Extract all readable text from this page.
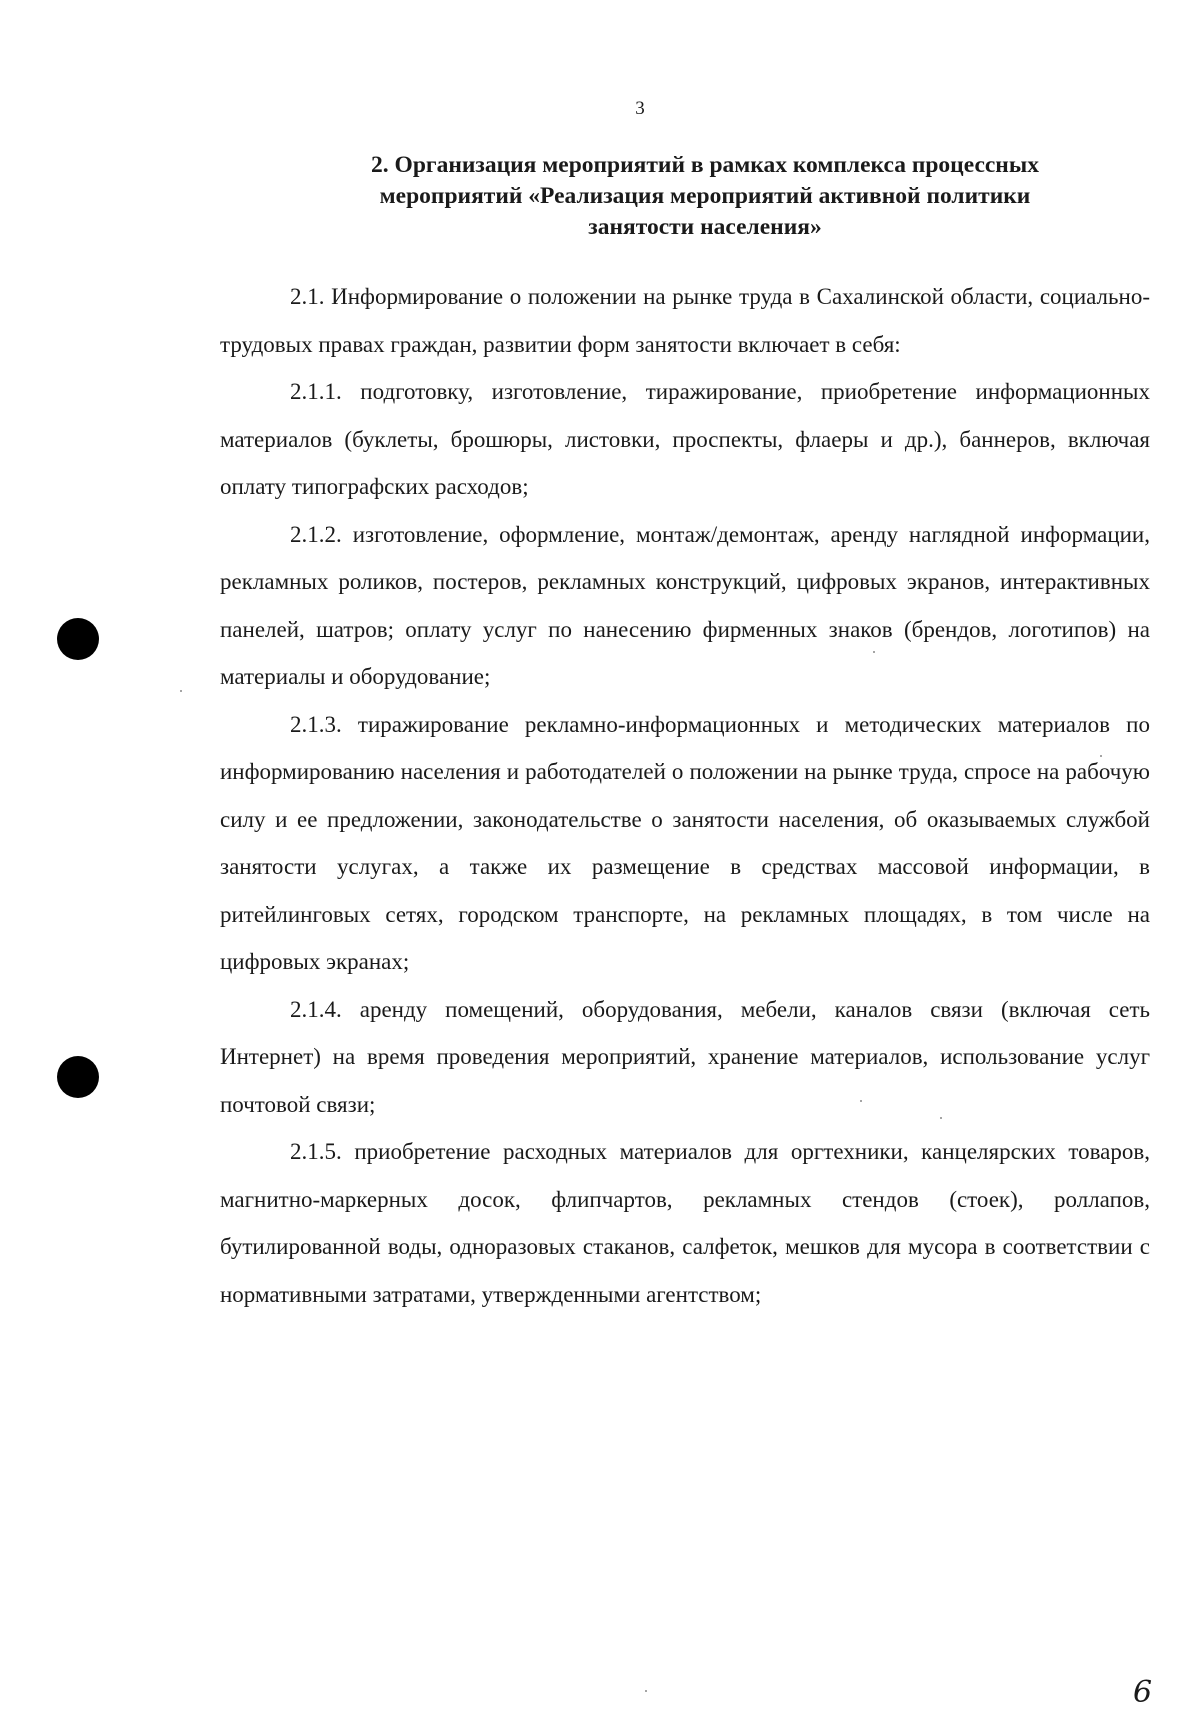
3
2. Организация мероприятий в рамках комплекса процессных
мероприятий «Реализация мероприятий активной политики
занятости населения»

2.1. Информирование о положении на рынке труда в Сахалинской области, социально-трудовых правах граждан, развитии форм занятости включает в себя:

2.1.1. подготовку, изготовление, тиражирование, приобретение информационных материалов (буклеты, брошюры, листовки, проспекты, флаеры и др.), баннеров, включая оплату типографских расходов;

2.1.2. изготовление, оформление, монтаж/демонтаж, аренду наглядной информации, рекламных роликов, постеров, рекламных конструкций, цифровых экранов, интерактивных панелей, шатров; оплату услуг по нанесению фирменных знаков (брендов, логотипов) на материалы и оборудование;

2.1.3. тиражирование рекламно-информационных и методических материалов по информированию населения и работодателей о положении на рынке труда, спросе на рабочую силу и ее предложении, законодательстве о занятости населения, об оказываемых службой занятости услугах, а также их размещение в средствах массовой информации, в ритейлинговых сетях, городском транспорте, на рекламных площадях, в том числе на цифровых экранах;

2.1.4. аренду помещений, оборудования, мебели, каналов связи (включая сеть Интернет) на время проведения мероприятий, хранение материалов, использование услуг почтовой связи;

2.1.5. приобретение расходных материалов для оргтехники, канцелярских товаров, магнитно-маркерных досок, флипчартов, рекламных стендов (стоек), роллапов, бутилированной воды, одноразовых стаканов, салфеток, мешков для мусора в соответствии с нормативными затратами, утвержденными агентством;

6
